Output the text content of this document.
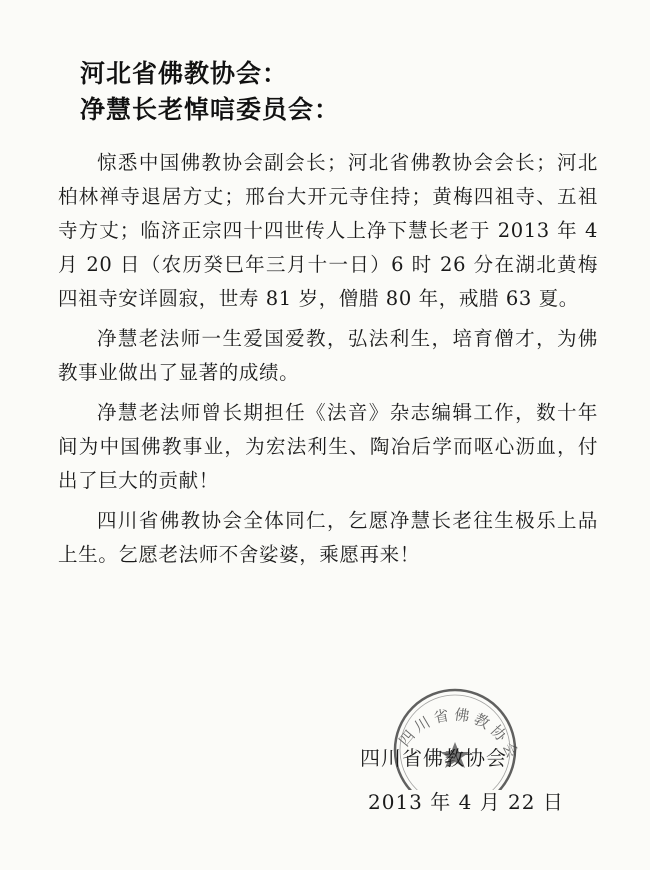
河北省佛教协会：
净慧长老悼唁委员会：

惊悉中国佛教协会副会长；河北省佛教协会会长；河北柏林禅寺退居方丈；邢台大开元寺住持；黄梅四祖寺、五祖寺方丈；临济正宗四十四世传人上净下慧长老于 2013 年 4 月 20 日（农历癸巳年三月十一日）6 时 26 分在湖北黄梅四祖寺安详圆寂，世寿 81 岁，僧腊 80 年，戒腊 63 夏。

净慧老法师一生爱国爱教，弘法利生，培育僧才，为佛教事业做出了显著的成绩。

净慧老法师曾长期担任《法音》杂志编辑工作，数十年间为中国佛教事业，为宏法利生、陶冶后学而呕心沥血，付出了巨大的贡献！

四川省佛教协会全体同仁，乞愿净慧长老往生极乐上品上生。乞愿老法师不舍娑婆，乘愿再来！

四川省佛教协会
四川省佛教协会
2013 年 4 月 22 日
